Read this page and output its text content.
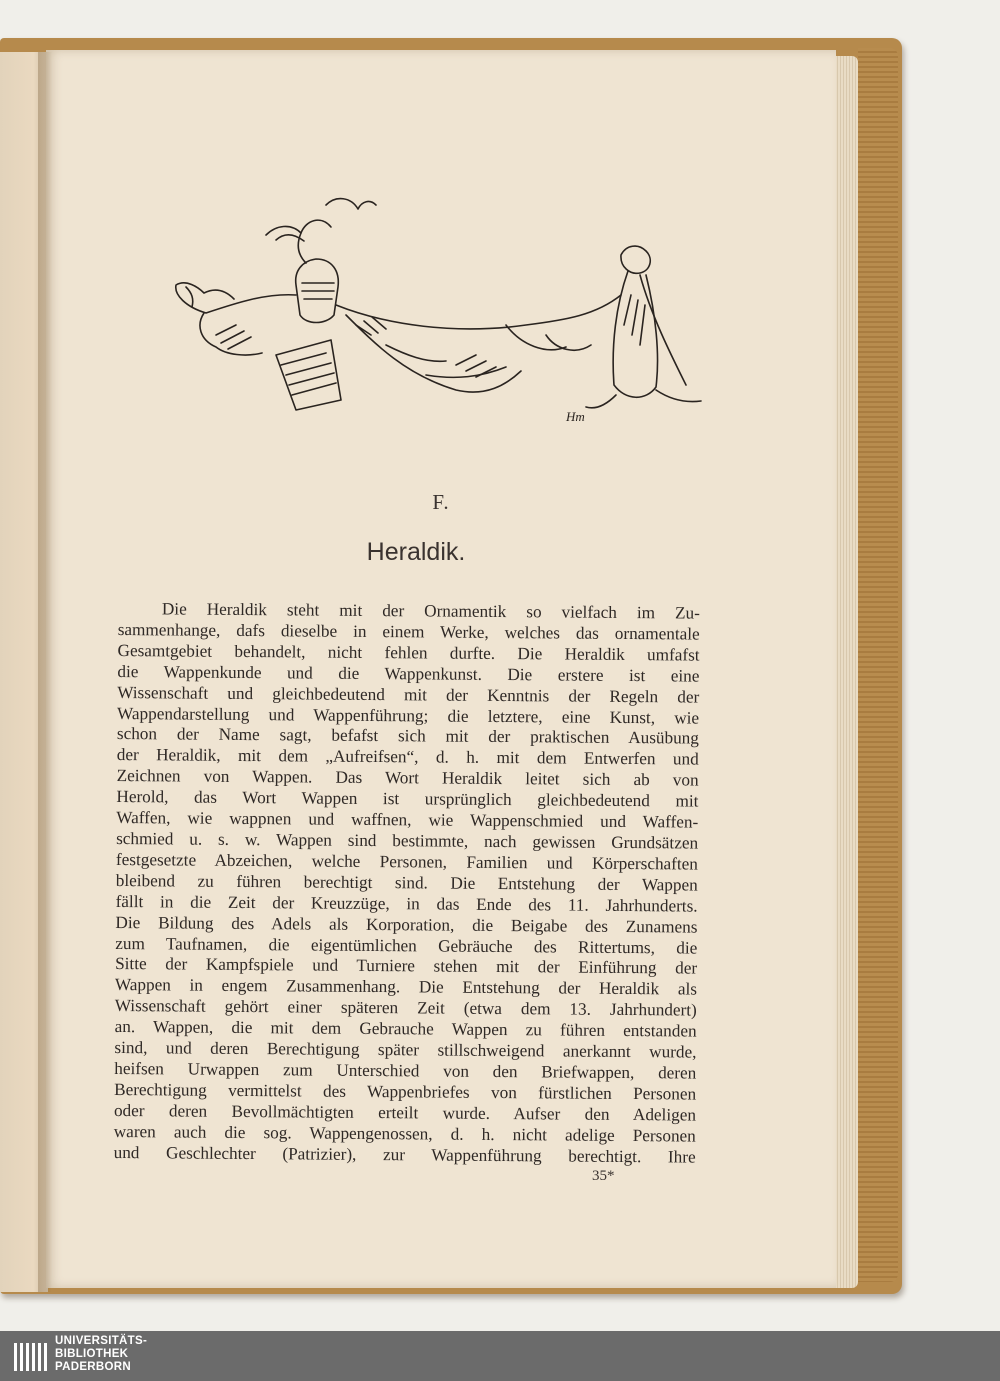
Hm
F.
Heraldik.
Die Heraldik steht mit der Ornamentik so vielfach im Zu-
sammenhange, dafs dieselbe in einem Werke, welches das ornamentale
Gesamtgebiet behandelt, nicht fehlen durfte. Die Heraldik umfafst
die Wappenkunde und die Wappenkunst. Die erstere ist eine
Wissenschaft und gleichbedeutend mit der Kenntnis der Regeln der
Wappendarstellung und Wappenführung; die letztere, eine Kunst, wie
schon der Name sagt, befafst sich mit der praktischen Ausübung
der Heraldik, mit dem „Aufreifsen“, d. h. mit dem Entwerfen und
Zeichnen von Wappen. Das Wort Heraldik leitet sich ab von
Herold, das Wort Wappen ist ursprünglich gleichbedeutend mit
Waffen, wie wappnen und waffnen, wie Wappenschmied und Waffen-
schmied u. s. w. Wappen sind bestimmte, nach gewissen Grundsätzen
festgesetzte Abzeichen, welche Personen, Familien und Körperschaften
bleibend zu führen berechtigt sind. Die Entstehung der Wappen
fällt in die Zeit der Kreuzzüge, in das Ende des 11. Jahrhunderts.
Die Bildung des Adels als Korporation, die Beigabe des Zunamens
zum Taufnamen, die eigentümlichen Gebräuche des Rittertums, die
Sitte der Kampfspiele und Turniere stehen mit der Einführung der
Wappen in engem Zusammenhang. Die Entstehung der Heraldik als
Wissenschaft gehört einer späteren Zeit (etwa dem 13. Jahrhundert)
an. Wappen, die mit dem Gebrauche Wappen zu führen entstanden
sind, und deren Berechtigung später stillschweigend anerkannt wurde,
heifsen Urwappen zum Unterschied von den Briefwappen, deren
Berechtigung vermittelst des Wappenbriefes von fürstlichen Personen
oder deren Bevollmächtigten erteilt wurde. Aufser den Adeligen
waren auch die sog. Wappengenossen, d. h. nicht adelige Personen
und Geschlechter (Patrizier), zur Wappenführung berechtigt. Ihre
35*
UNIVERSITÄTS-
BIBLIOTHEK
PADERBORN
